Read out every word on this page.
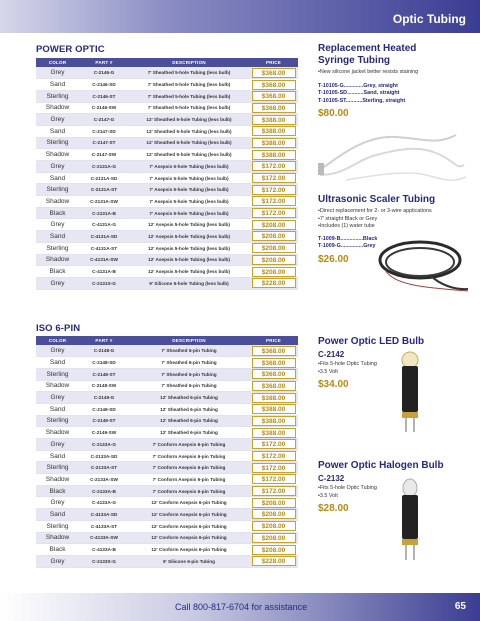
Optic Tubing
POWER OPTIC
COLOR	PART #	DESCRIPTION	PRICE
Grey	C-2146-G	7' Sheathed 5-hole Tubing (less bulb)	$368.00
Sand	C-2146-SD	7' Sheathed 5-hole Tubing (less bulb)	$368.00
Sterling	C-2146-ST	7' Sheathed 5-hole Tubing (less bulb)	$368.00
Shadow	C-2146-SW	7' Sheathed 5-hole Tubing (less bulb)	$368.00
Grey	C-2147-G	12' Sheathed 5-hole Tubing (less bulb)	$388.00
Sand	C-2147-SD	12' Sheathed 5-hole Tubing (less bulb)	$388.00
Sterling	C-2147-ST	12' Sheathed 5-hole Tubing (less bulb)	$388.00
Shadow	C-2147-SW	12' Sheathed 5-hole Tubing (less bulb)	$388.00
Grey	C-2131A-G	7' Asepsis 5-hole Tubing (less bulb)	$172.00
Sand	C-2131A-SD	7' Asepsis 5-hole Tubing (less bulb)	$172.00
Sterling	C-2131A-ST	7' Asepsis 5-hole Tubing (less bulb)	$172.00
Shadow	C-2131A-SW	7' Asepsis 5-hole Tubing (less bulb)	$172.00
Black	C-2131A-B	7' Asepsis 5-hole Tubing (less bulb)	$172.00
Grey	C-4131A-G	12' Asepsis 5-hole Tubing (less bulb)	$208.00
Sand	C-4131A-SD	12' Asepsis 5-hole Tubing (less bulb)	$208.00
Sterling	C-4131A-ST	12' Asepsis 5-hole Tubing (less bulb)	$208.00
Shadow	C-4131A-SW	12' Asepsis 5-hole Tubing (less bulb)	$208.00
Black	C-4131A-B	12' Asepsis 5-hole Tubing (less bulb)	$208.00
Grey	C-2131S-G	9' Silicone 5-hole Tubing (less bulb)	$228.00
ISO 6-PIN
COLOR	PART #	DESCRIPTION	PRICE
Grey	C-2148-G	7' Sheathed 6-pin Tubing	$368.00
Sand	C-2148-SD	7' Sheathed 6-pin Tubing	$368.00
Sterling	C-2148-ST	7' Sheathed 6-pin Tubing	$368.00
Shadow	C-2148-SW	7' Sheathed 6-pin Tubing	$368.00
Grey	C-2149-G	12' Sheathed 6-pin Tubing	$388.00
Sand	C-2149-SD	12' Sheathed 6-pin Tubing	$388.00
Sterling	C-2149-ST	12' Sheathed 6-pin Tubing	$388.00
Shadow	C-2149-SW	12' Sheathed 6-pin Tubing	$388.00
Grey	C-2133A-G	7' Conform Asepsis 6-pin Tubing	$172.00
Sand	C-2133A-SD	7' Conform Asepsis 6-pin Tubing	$172.00
Sterling	C-2133A-ST	7' Conform Asepsis 6-pin Tubing	$172.00
Shadow	C-2133A-SW	7' Conform Asepsis 6-pin Tubing	$172.00
Black	C-2133A-B	7' Conform Asepsis 6-pin Tubing	$172.00
Grey	C-4133A-G	12' Conform Asepsis 6-pin Tubing	$208.00
Sand	C-4133A-SD	12' Conform Asepsis 6-pin Tubing	$208.00
Sterling	C-4133A-ST	12' Conform Asepsis 6-pin Tubing	$208.00
Shadow	C-4133A-SW	12' Conform Asepsis 6-pin Tubing	$208.00
Black	C-4133A-B	12' Conform Asepsis 6-pin Tubing	$208.00
Grey	C-2133S-G	9' Silicone 6-pin Tubing	$228.00
Replacement Heated
Syringe Tubing
• New silicone jacket better resists staining
T-10105-G.............Grey, straight
T-10105-SD...........Sand, straight
T-10105-ST...........Sterling, straight
$80.00
Ultrasonic Scaler Tubing
• Direct replacement for 2- or 3-wire applications
• 7' straight Black or Grey
• Includes (1) water tube
T-1009-B...............Black
T-1009-G...............Grey
$26.00
Power Optic LED Bulb
C-2142
• Fits 5-hole Optic Tubing
• 3.5 Volt
$34.00
Power Optic Halogen Bulb
C-2132
• Fits 5-hole Optic Tubing
• 3.5 Volt
$28.00
Call 800-817-6704 for assistance	65
